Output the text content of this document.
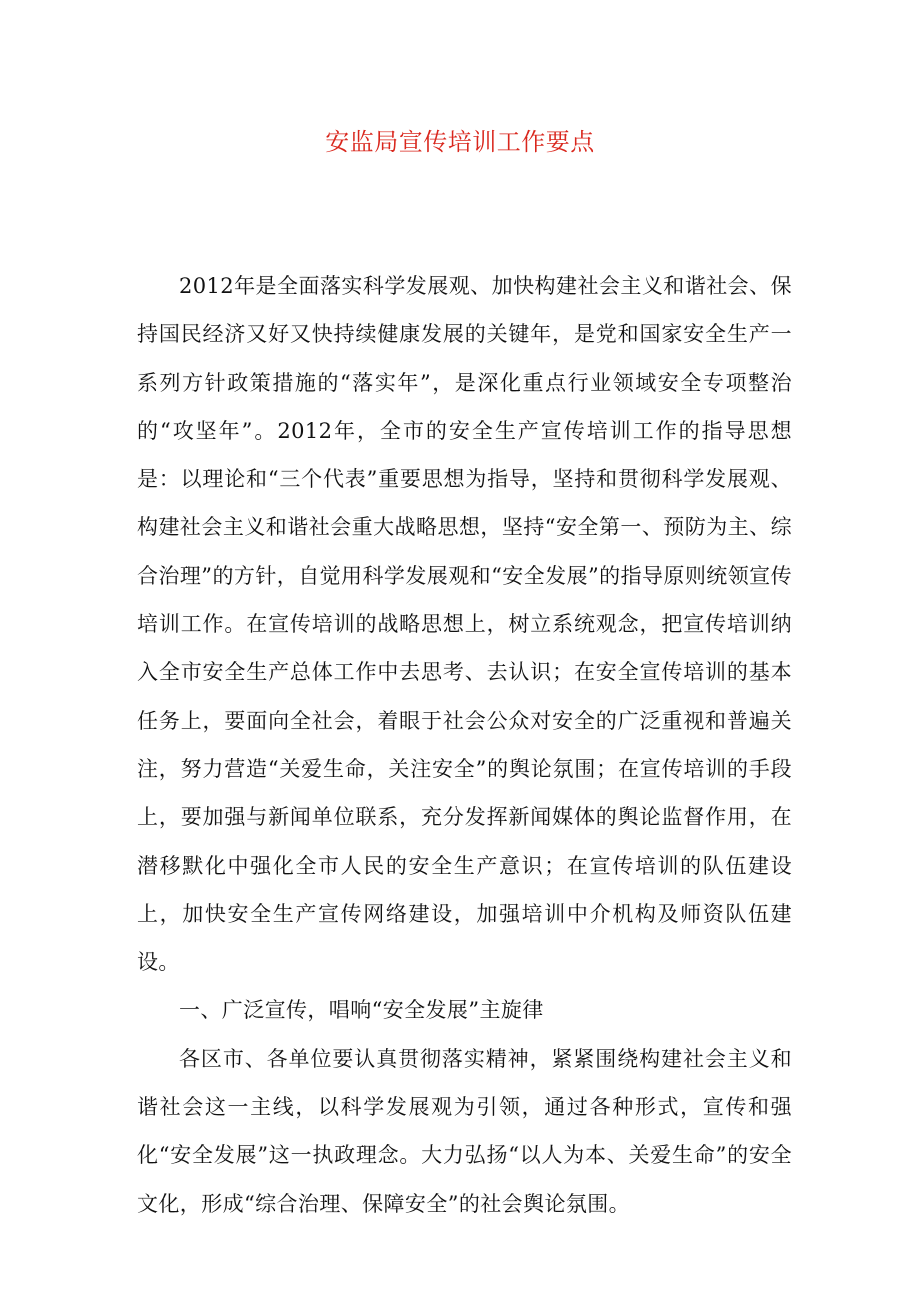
安监局宣传培训工作要点

2012年是全面落实科学发展观、加快构建社会主义和谐社会、保持国民经济又好又快持续健康发展的关键年，是党和国家安全生产一系列方针政策措施的“落实年”，是深化重点行业领域安全专项整治的“攻坚年”。2012年，全市的安全生产宣传培训工作的指导思想是：以理论和“三个代表”重要思想为指导，坚持和贯彻科学发展观、构建社会主义和谐社会重大战略思想，坚持“安全第一、预防为主、综合治理”的方针，自觉用科学发展观和“安全发展”的指导原则统领宣传培训工作。在宣传培训的战略思想上，树立系统观念，把宣传培训纳入全市安全生产总体工作中去思考、去认识；在安全宣传培训的基本任务上，要面向全社会，着眼于社会公众对安全的广泛重视和普遍关注，努力营造“关爱生命，关注安全”的舆论氛围；在宣传培训的手段上，要加强与新闻单位联系，充分发挥新闻媒体的舆论监督作用，在潜移默化中强化全市人民的安全生产意识；在宣传培训的队伍建设上，加快安全生产宣传网络建设，加强培训中介机构及师资队伍建设。

一、广泛宣传，唱响“安全发展”主旋律

各区市、各单位要认真贯彻落实精神，紧紧围绕构建社会主义和谐社会这一主线，以科学发展观为引领，通过各种形式，宣传和强化“安全发展”这一执政理念。大力弘扬“以人为本、关爱生命”的安全文化，形成“综合治理、保障安全”的社会舆论氛围。
